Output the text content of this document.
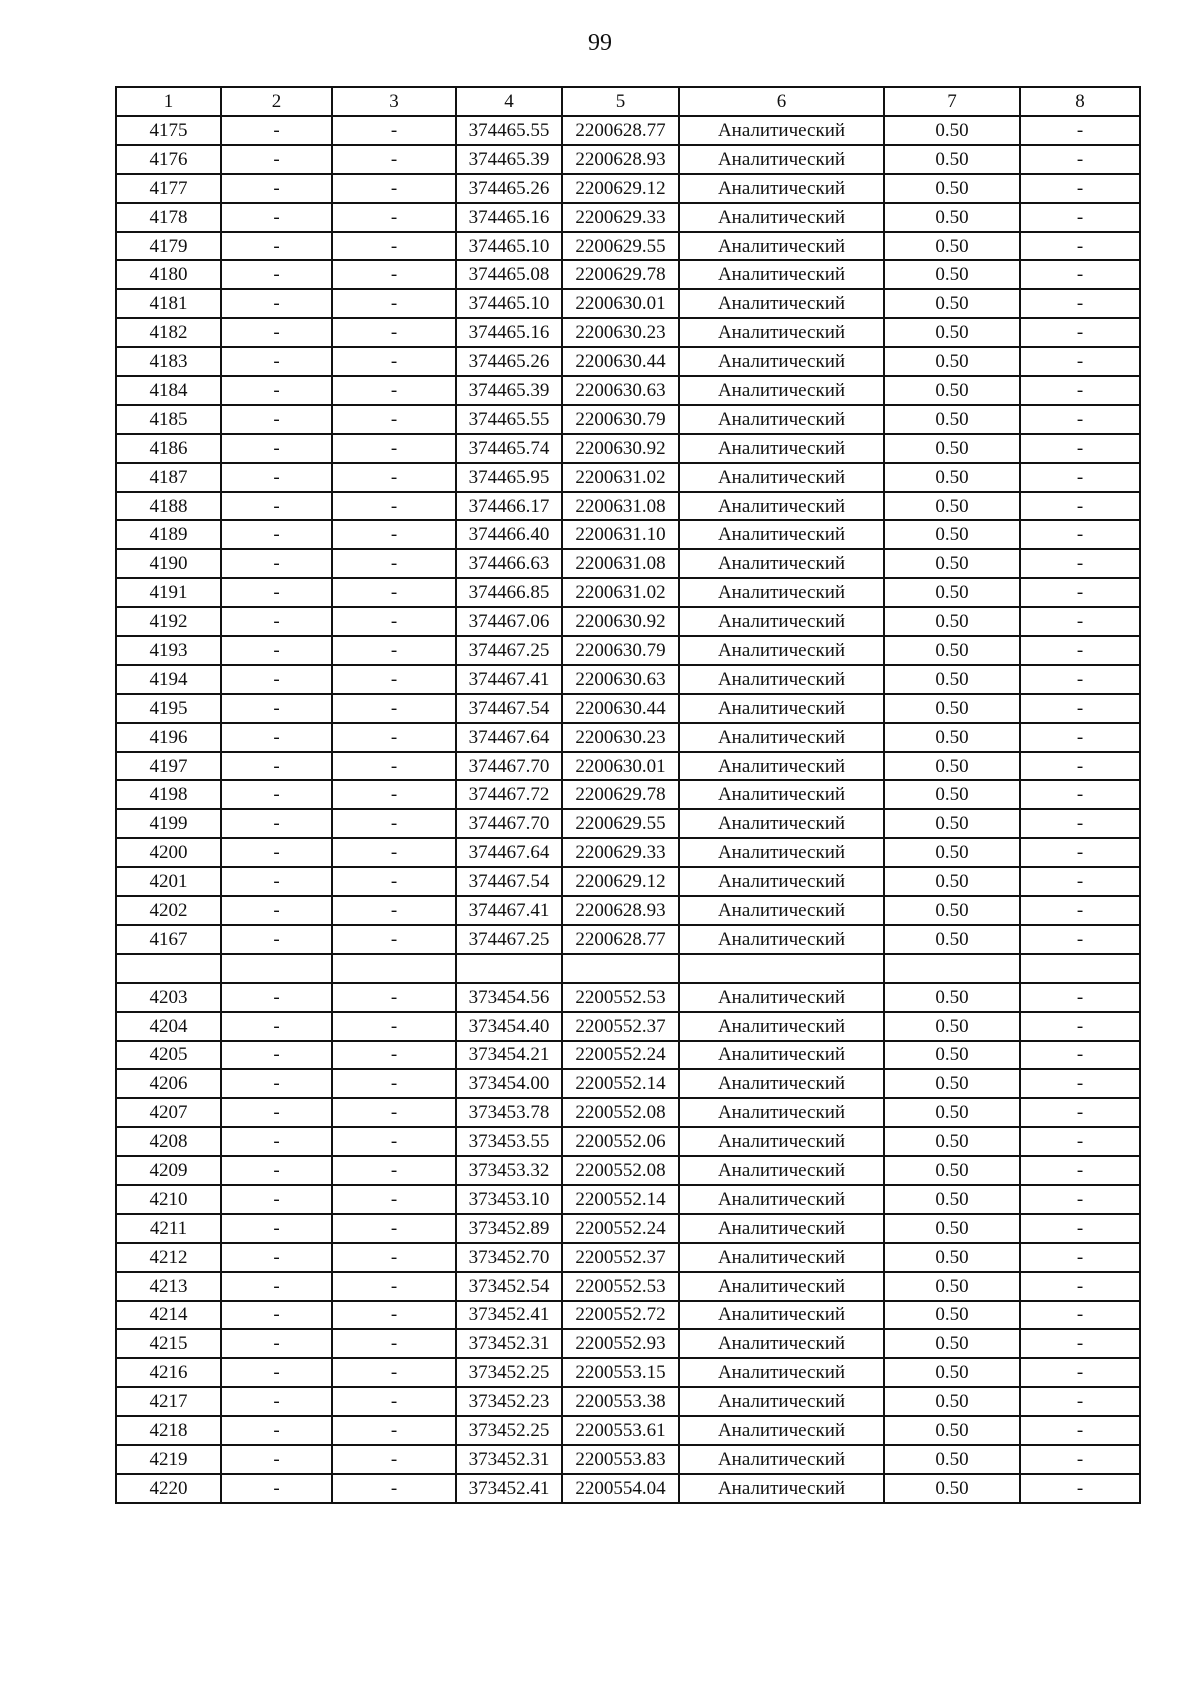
99
1	2	3	4	5	6	7	8
4175	-	-	374465.55	2200628.77	Аналитический	0.50	-
4176	-	-	374465.39	2200628.93	Аналитический	0.50	-
4177	-	-	374465.26	2200629.12	Аналитический	0.50	-
4178	-	-	374465.16	2200629.33	Аналитический	0.50	-
4179	-	-	374465.10	2200629.55	Аналитический	0.50	-
4180	-	-	374465.08	2200629.78	Аналитический	0.50	-
4181	-	-	374465.10	2200630.01	Аналитический	0.50	-
4182	-	-	374465.16	2200630.23	Аналитический	0.50	-
4183	-	-	374465.26	2200630.44	Аналитический	0.50	-
4184	-	-	374465.39	2200630.63	Аналитический	0.50	-
4185	-	-	374465.55	2200630.79	Аналитический	0.50	-
4186	-	-	374465.74	2200630.92	Аналитический	0.50	-
4187	-	-	374465.95	2200631.02	Аналитический	0.50	-
4188	-	-	374466.17	2200631.08	Аналитический	0.50	-
4189	-	-	374466.40	2200631.10	Аналитический	0.50	-
4190	-	-	374466.63	2200631.08	Аналитический	0.50	-
4191	-	-	374466.85	2200631.02	Аналитический	0.50	-
4192	-	-	374467.06	2200630.92	Аналитический	0.50	-
4193	-	-	374467.25	2200630.79	Аналитический	0.50	-
4194	-	-	374467.41	2200630.63	Аналитический	0.50	-
4195	-	-	374467.54	2200630.44	Аналитический	0.50	-
4196	-	-	374467.64	2200630.23	Аналитический	0.50	-
4197	-	-	374467.70	2200630.01	Аналитический	0.50	-
4198	-	-	374467.72	2200629.78	Аналитический	0.50	-
4199	-	-	374467.70	2200629.55	Аналитический	0.50	-
4200	-	-	374467.64	2200629.33	Аналитический	0.50	-
4201	-	-	374467.54	2200629.12	Аналитический	0.50	-
4202	-	-	374467.41	2200628.93	Аналитический	0.50	-
4167	-	-	374467.25	2200628.77	Аналитический	0.50	-

4203	-	-	373454.56	2200552.53	Аналитический	0.50	-
4204	-	-	373454.40	2200552.37	Аналитический	0.50	-
4205	-	-	373454.21	2200552.24	Аналитический	0.50	-
4206	-	-	373454.00	2200552.14	Аналитический	0.50	-
4207	-	-	373453.78	2200552.08	Аналитический	0.50	-
4208	-	-	373453.55	2200552.06	Аналитический	0.50	-
4209	-	-	373453.32	2200552.08	Аналитический	0.50	-
4210	-	-	373453.10	2200552.14	Аналитический	0.50	-
4211	-	-	373452.89	2200552.24	Аналитический	0.50	-
4212	-	-	373452.70	2200552.37	Аналитический	0.50	-
4213	-	-	373452.54	2200552.53	Аналитический	0.50	-
4214	-	-	373452.41	2200552.72	Аналитический	0.50	-
4215	-	-	373452.31	2200552.93	Аналитический	0.50	-
4216	-	-	373452.25	2200553.15	Аналитический	0.50	-
4217	-	-	373452.23	2200553.38	Аналитический	0.50	-
4218	-	-	373452.25	2200553.61	Аналитический	0.50	-
4219	-	-	373452.31	2200553.83	Аналитический	0.50	-
4220	-	-	373452.41	2200554.04	Аналитический	0.50	-
